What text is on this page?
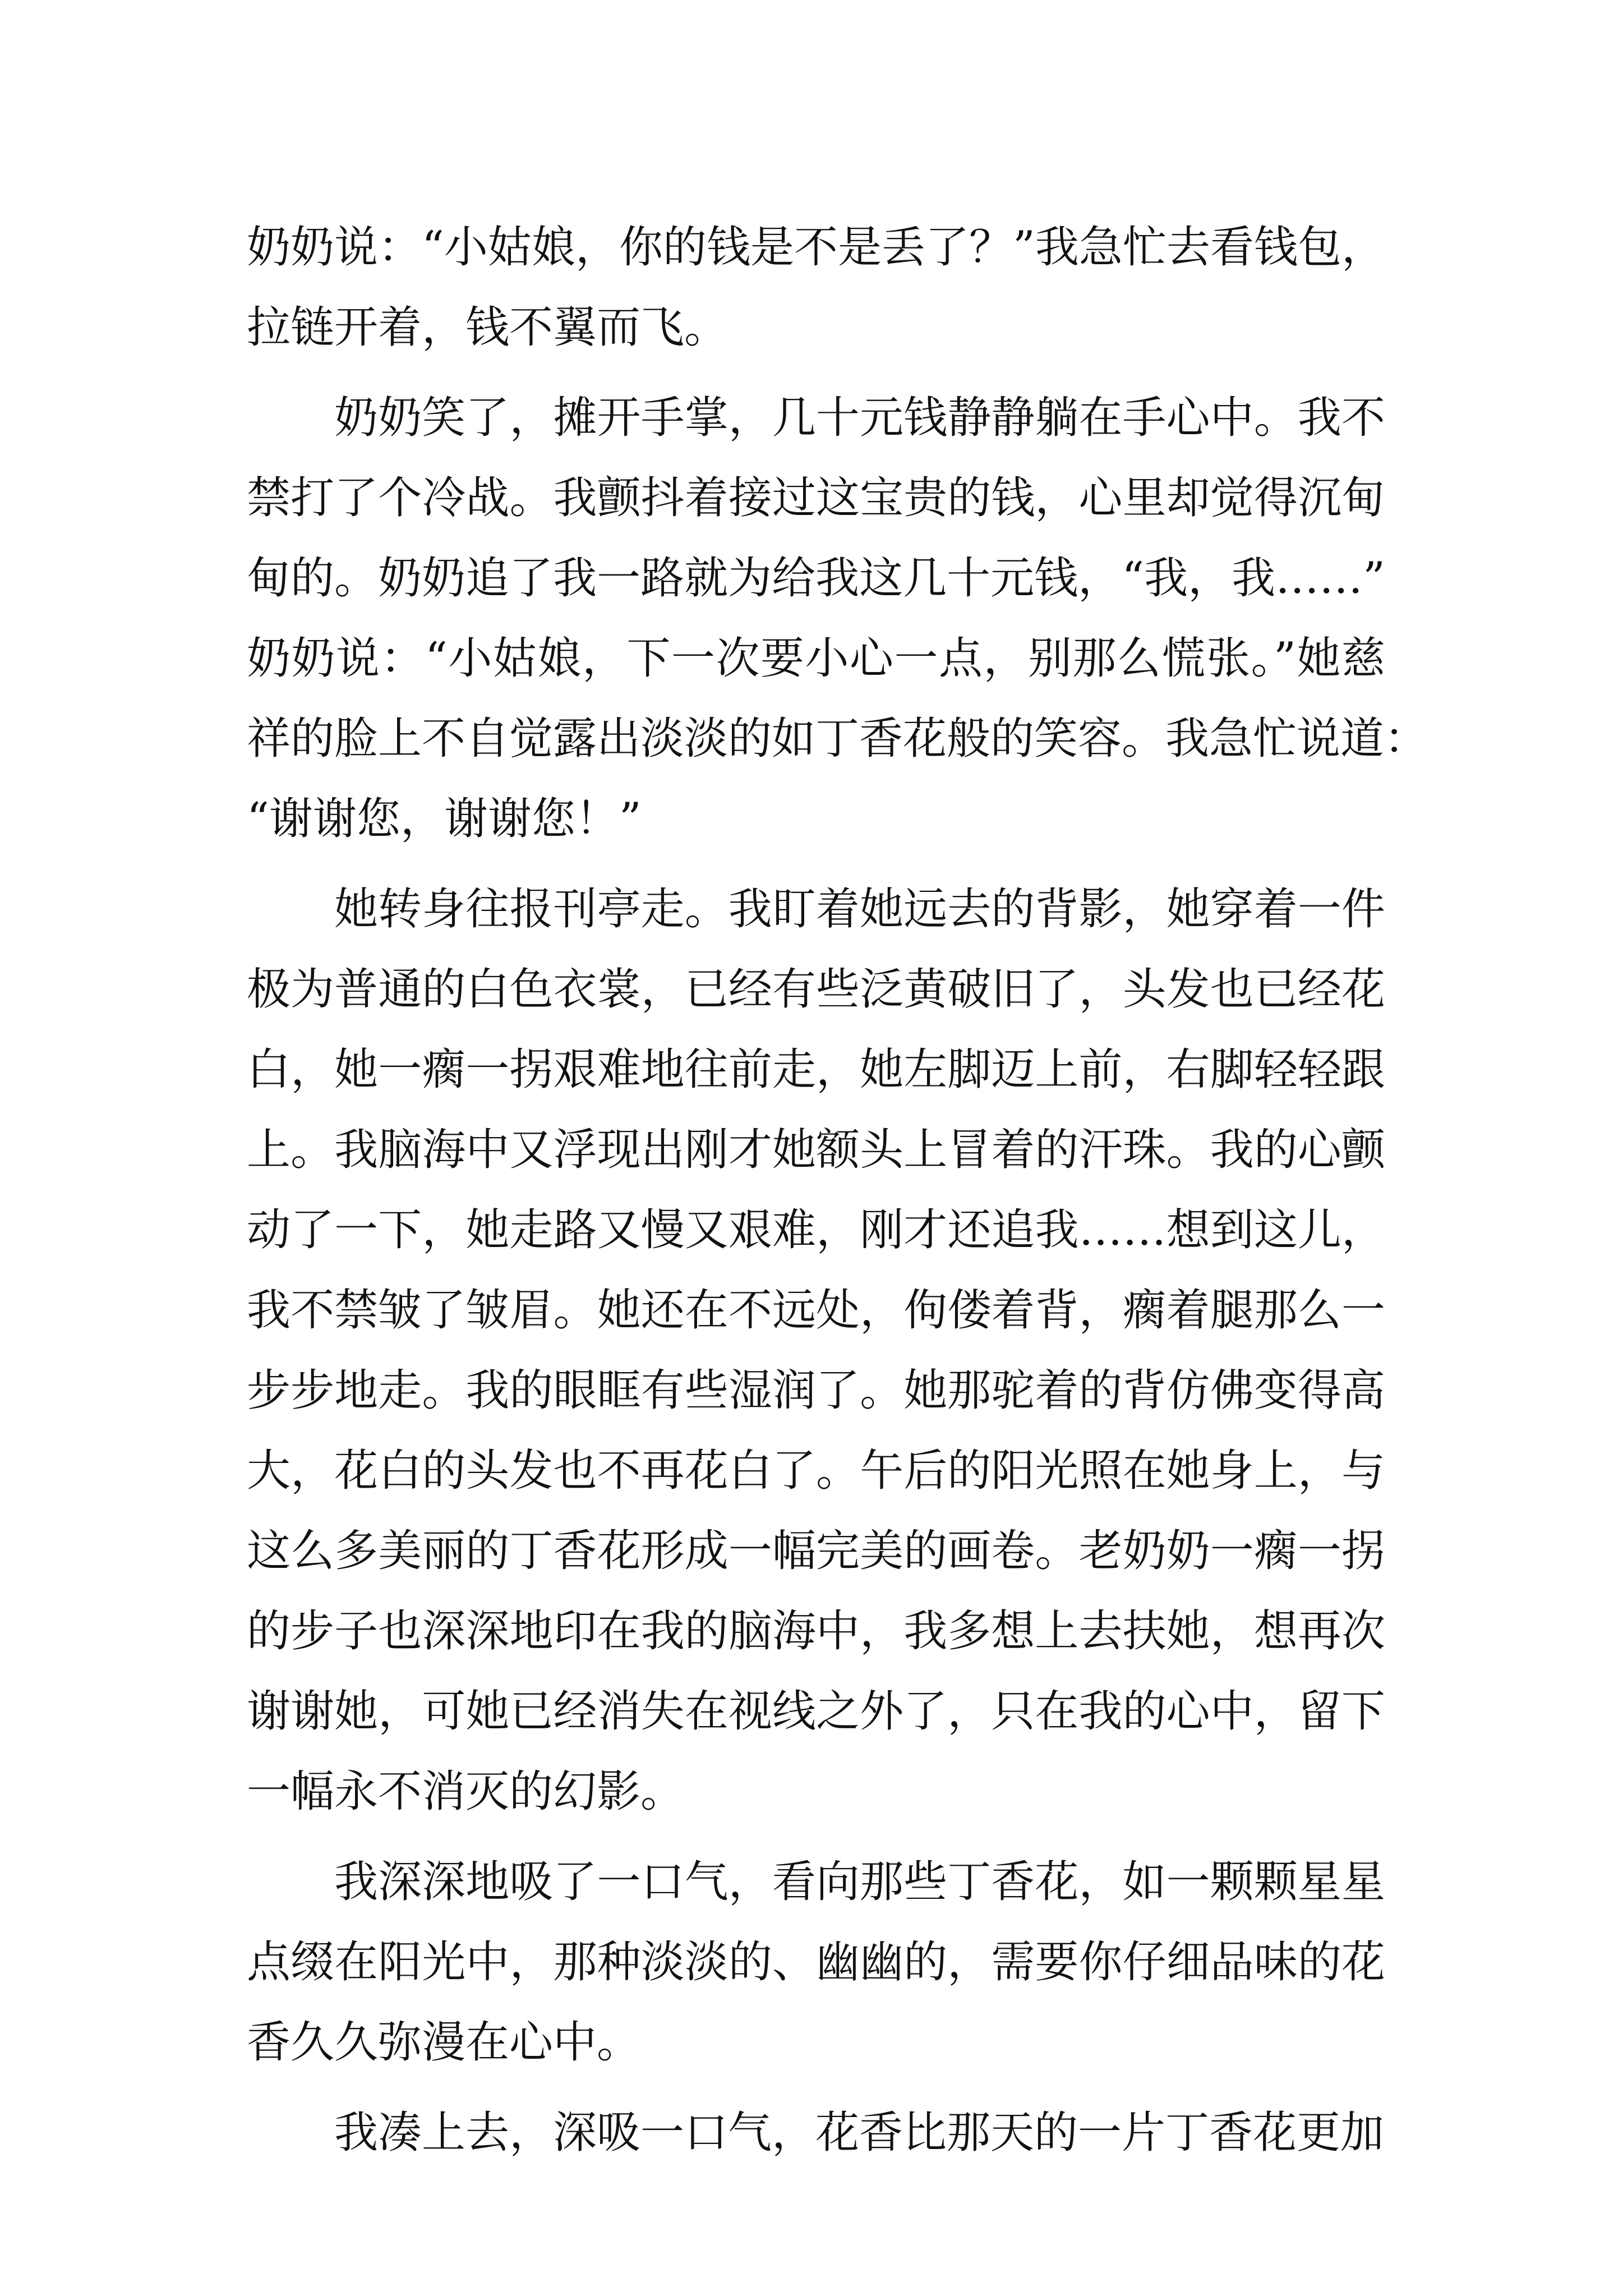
奶奶说：“小姑娘，你的钱是不是丢了？”我急忙去看钱包，
拉链开着，钱不翼而飞。
奶奶笑了，摊开手掌，几十元钱静静躺在手心中。我不
禁打了个冷战。我颤抖着接过这宝贵的钱，心里却觉得沉甸
甸的。奶奶追了我一路就为给我这几十元钱，“我，我……”
奶奶说：“小姑娘，下一次要小心一点，别那么慌张。”她慈
祥的脸上不自觉露出淡淡的如丁香花般的笑容。我急忙说道：
“谢谢您，谢谢您！”
她转身往报刊亭走。我盯着她远去的背影，她穿着一件
极为普通的白色衣裳，已经有些泛黄破旧了，头发也已经花
白，她一瘸一拐艰难地往前走，她左脚迈上前，右脚轻轻跟
上。我脑海中又浮现出刚才她额头上冒着的汗珠。我的心颤
动了一下，她走路又慢又艰难，刚才还追我……想到这儿，
我不禁皱了皱眉。她还在不远处，佝偻着背，瘸着腿那么一
步步地走。我的眼眶有些湿润了。她那驼着的背仿佛变得高
大，花白的头发也不再花白了。午后的阳光照在她身上，与
这么多美丽的丁香花形成一幅完美的画卷。老奶奶一瘸一拐
的步子也深深地印在我的脑海中，我多想上去扶她，想再次
谢谢她，可她已经消失在视线之外了，只在我的心中，留下
一幅永不消灭的幻影。
我深深地吸了一口气，看向那些丁香花，如一颗颗星星
点缀在阳光中，那种淡淡的、幽幽的，需要你仔细品味的花
香久久弥漫在心中。
我凑上去，深吸一口气，花香比那天的一片丁香花更加
